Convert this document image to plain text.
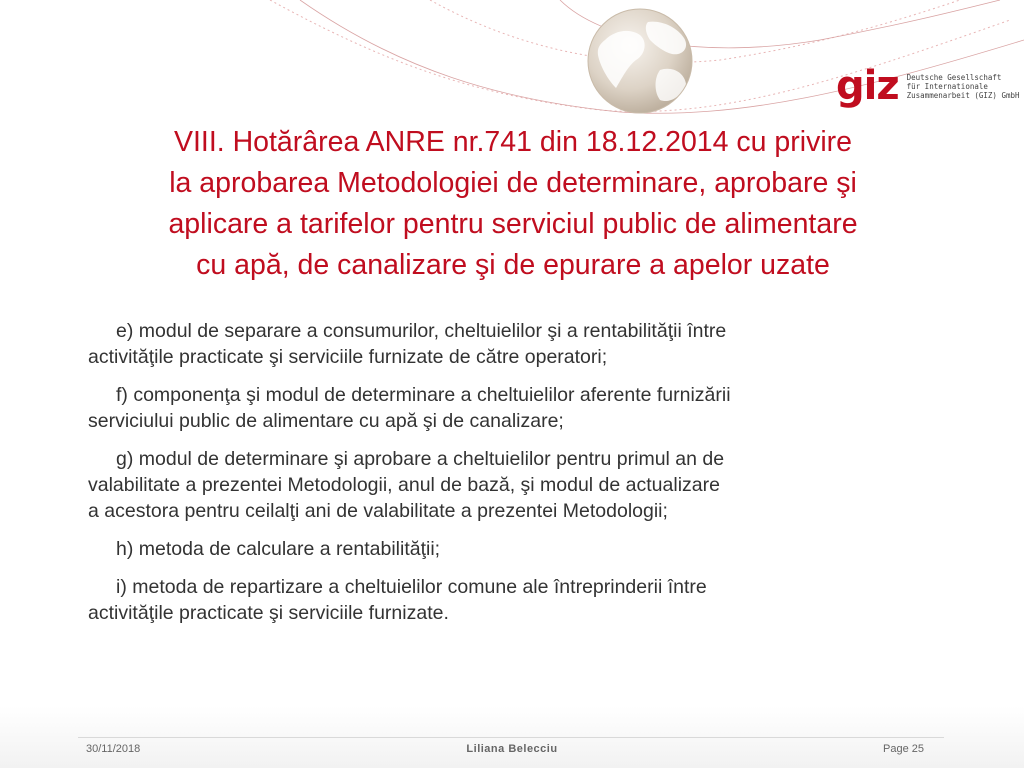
giz Deutsche Gesellschaft
für Internationale
Zusammenarbeit (GIZ) GmbH
VIII. Hotărârea ANRE nr.741 din 18.12.2014 cu privire
la aprobarea Metodologiei de determinare, aprobare şi
aplicare a tarifelor pentru serviciul public de alimentare
cu apă, de canalizare şi de epurare a apelor uzate
e) modul de separare a consumurilor, cheltuielilor şi a rentabilităţii între
activităţile practicate şi serviciile furnizate de către operatori;
f) componenţa şi modul de determinare a cheltuielilor aferente furnizării
serviciului public de alimentare cu apă şi de canalizare;
g) modul de determinare şi aprobare a cheltuielilor pentru primul an de
valabilitate a prezentei Metodologii, anul de bază, şi modul de actualizare
a acestora pentru ceilalţi ani de valabilitate a prezentei Metodologii;
h) metoda de calculare a rentabilităţii;
i) metoda de repartizare a cheltuielilor comune ale întreprinderii între
activităţile practicate şi serviciile furnizate.
30/11/2018	Liliana Belecciu	Page 25
